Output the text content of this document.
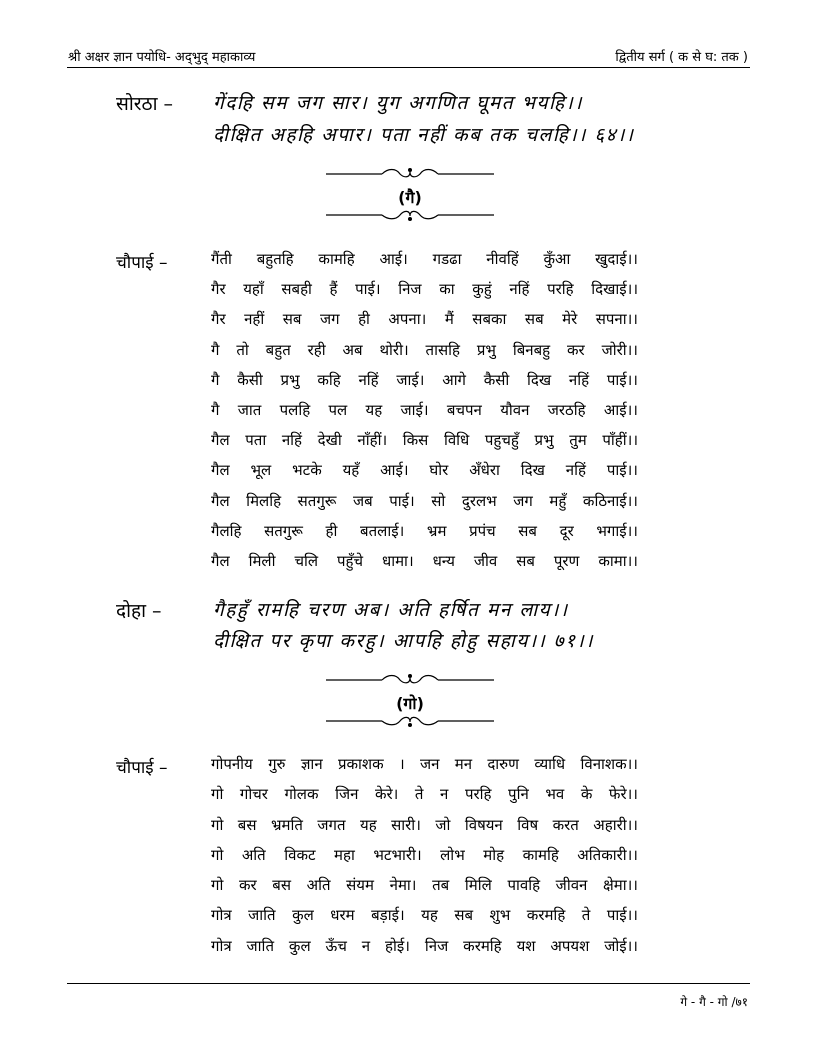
श्री अक्षर ज्ञान पयोधि- अद्‌भुद् महाकाव्य	द्वितीय सर्ग ( क से घ: तक )
सोरठा – गेंदहि सम जग सार। युग अगणित घूमत भयहि।।
दीक्षित अहहि अपार। पता नहीं कब तक चलहि।। ६४।।
(गै)
चौपाई –	गैंती बहुतहि कामहि आई। गडढा नीवहिं कुँआ खुदाई।।
गैर यहाँ सबही हैं पाई। निज का कुहुं नहिं परहि दिखाई।।
गैर नहीं सब जग ही अपना। मैं सबका सब मेरे सपना।।
गै तो बहुत रही अब थोरी। तासहि प्रभु बिनबहु कर जोरी।।
गै कैसी प्रभु कहि नहिं जाई। आगे कैसी दिख नहिं पाई।।
गै जात पलहि पल यह जाई। बचपन यौवन जरठहि आई।।
गैल पता नहिं देखी नाँहीं। किस विधि पहुचहुँ प्रभु तुम पाँहीं।।
गैल भूल भटके यहँ आई। घोर अँधेरा दिख नहिं पाई।।
गैल मिलहि सतगुरू जब पाई। सो दुरलभ जग महुँ कठिनाई।।
गैलहि सतगुरू ही बतलाई। भ्रम प्रपंच सब दूर भगाई।।
गैल मिली चलि पहुँचे धामा। धन्य जीव सब पूरण कामा।।
दोहा –	गैहहुँ रामहि चरण अब। अति हर्षित मन लाय।।
दीक्षित पर कृपा करहु। आपहि होहु सहाय।। ७१।।
(गो)
चौपाई –	गोपनीय गुरु ज्ञान प्रकाशक । जन मन दारुण व्याधि विनाशक।।
गो गोचर गोलक जिन केरे। ते न परहि पुनि भव के फेरे।।
गो बस भ्रमति जगत यह सारी। जो विषयन विष करत अहारी।।
गो अति विकट महा भटभारी। लोभ मोह कामहि अतिकारी।।
गो कर बस अति संयम नेमा। तब मिलि पावहि जीवन क्षेमा।।
गोत्र जाति कुल धरम बड़ाई। यह सब शुभ करमहि ते पाई।।
गोत्र जाति कुल ऊँच न होई। निज करमहि यश अपयश जोई।।
गे - गै - गो /७१
